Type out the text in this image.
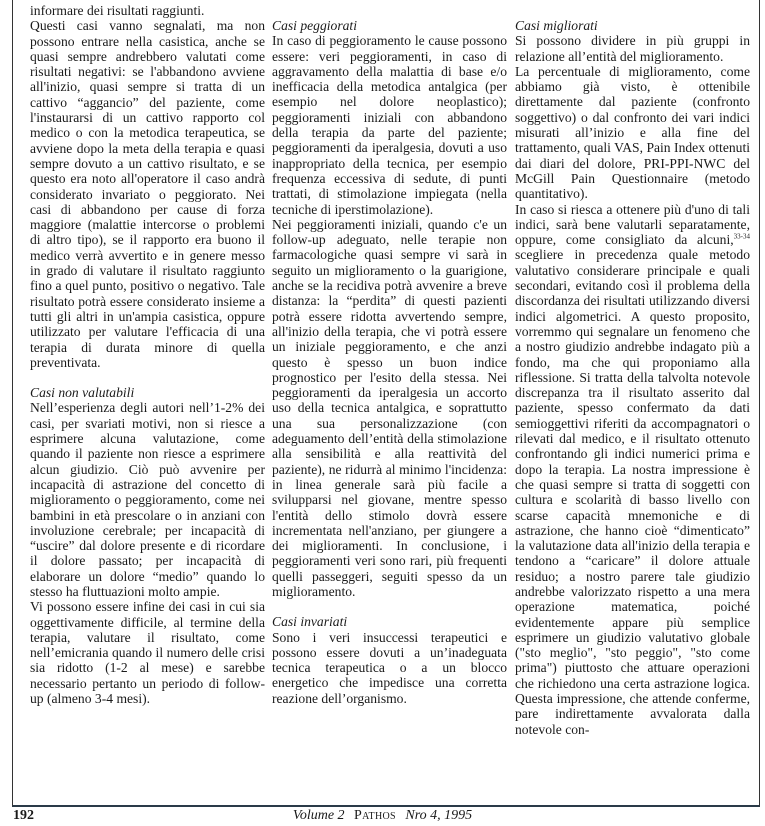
informare dei risultati raggiunti.

Questi casi vanno segnalati, ma non possono entrare nella casistica, anche se quasi sempre andrebbero valutati come risultati negativi: se l'abbandono avviene all'inizio, quasi sempre si tratta di un cattivo “aggancio” del paziente, come l'instaurarsi di un cattivo rapporto col medico o con la metodica terapeutica, se avviene dopo la meta della terapia e quasi sempre dovuto a un cattivo risultato, e se questo era noto all'operatore il caso andrà considerato invariato o peggiorato. Nei casi di abbandono per cause di forza maggiore (malattie intercorse o problemi di altro tipo), se il rapporto era buono il medico verrà avvertito e in genere messo in grado di valutare il risultato raggiunto fino a quel punto, positivo o negativo. Tale risultato potrà essere considerato insieme a tutti gli altri in un'ampia casistica, oppure utilizzato per valutare l'efficacia di una terapia di durata minore di quella preventivata.

Casi non valutabili

Nell’esperienza degli autori nell’1-2% dei casi, per svariati motivi, non si riesce a esprimere alcuna valutazione, come quando il paziente non riesce a esprimere alcun giudizio. Ciò può avvenire per incapacità di astrazione del concetto di miglioramento o peggioramento, come nei bambini in età prescolare o in anziani con involuzione cerebrale; per incapacità di “uscire” dal dolore presente e di ricordare il dolore passato; per incapacità di elaborare un dolore “medio” quando lo stesso ha fluttuazioni molto ampie.

Vi possono essere infine dei casi in cui sia oggettivamente difficile, al termine della terapia, valutare il risultato, come nell’emicrania quando il numero delle crisi sia ridotto (1-2 al mese) e sarebbe necessario pertanto un periodo di follow-up (almeno 3-4 mesi).

Casi peggiorati

In caso di peggioramento le cause possono essere: veri peggioramenti, in caso di aggravamento della malattia di base e/o inefficacia della metodica antalgica (per esempio nel dolore neoplastico); peggioramenti iniziali con abbandono della terapia da parte del paziente; peggioramenti da iperalgesia, dovuti a uso inappropriato della tecnica, per esempio frequenza eccessiva di sedute, di punti trattati, di stimolazione impiegata (nella tecniche di iperstimolazione).

Nei peggioramenti iniziali, quando c'e un follow-up adeguato, nelle terapie non farmacologiche quasi sempre vi sarà in seguito un miglioramento o la guarigione, anche se la recidiva potrà avvenire a breve distanza: la “perdita” di questi pazienti potrà essere ridotta avvertendo sempre, all'inizio della terapia, che vi potrà essere un iniziale peggioramento, e che anzi questo è spesso un buon indice prognostico per l'esito della stessa. Nei peggioramenti da iperalgesia un accorto uso della tecnica antalgica, e soprattutto una sua personalizzazione (con adeguamento dell’entità della stimolazione alla sensibilità e alla reattività del paziente), ne ridurrà al minimo l'incidenza: in linea generale sarà più facile a svilupparsi nel giovane, mentre spesso l'entità dello stimolo dovrà essere incrementata nell'anziano, per giungere a dei miglioramenti. In conclusione, i peggioramenti veri sono rari, più frequenti quelli passeggeri, seguiti spesso da un miglioramento.

Casi invariati

Sono i veri insuccessi terapeutici e possono essere dovuti a un’inadeguata tecnica terapeutica o a un blocco energetico che impedisce una corretta reazione dell’organismo.

Casi migliorati

Si possono dividere in più gruppi in relazione all’entità del miglioramento.

La percentuale di miglioramento, come abbiamo già visto, è ottenibile direttamente dal paziente (confronto soggettivo) o dal confronto dei vari indici misurati all’inizio e alla fine del trattamento, quali VAS, Pain Index ottenuti dai diari del dolore, PRI-PPI-NWC del McGill Pain Questionnaire (metodo quantitativo).

In caso si riesca a ottenere più d'uno di tali indici, sarà bene valutarli separatamente, oppure, come consigliato da alcuni,$^{33-34}$ scegliere in precedenza quale metodo valutativo considerare principale e quali secondari, evitando così il problema della discordanza dei risultati utilizzando diversi indici algometrici. A questo proposito, vorremmo qui segnalare un fenomeno che a nostro giudizio andrebbe indagato più a fondo, ma che qui proponiamo alla riflessione. Si tratta della talvolta notevole discrepanza tra il risultato asserito dal paziente, spesso confermato da dati semioggettivi riferiti da accompagnatori o rilevati dal medico, e il risultato ottenuto confrontando gli indici numerici prima e dopo la terapia. La nostra impressione è che quasi sempre si tratta di soggetti con cultura e scolarità di basso livello con scarse capacità mnemoniche e di astrazione, che hanno cioè “dimenticato” la valutazione data all'inizio della terapia e tendono a “caricare” il dolore attuale residuo; a nostro parere tale giudizio andrebbe valorizzato rispetto a una mera operazione matematica, poiché evidentemente appare più semplice esprimere un giudizio valutativo globale ("sto meglio", "sto peggio", "sto come prima") piuttosto che attuare operazioni che richiedono una certa astrazione logica. Questa impressione, che attende conferme, pare indirettamente avvalorata dalla notevole con-

192	Volume 2 Pathos Nro 4, 1995
